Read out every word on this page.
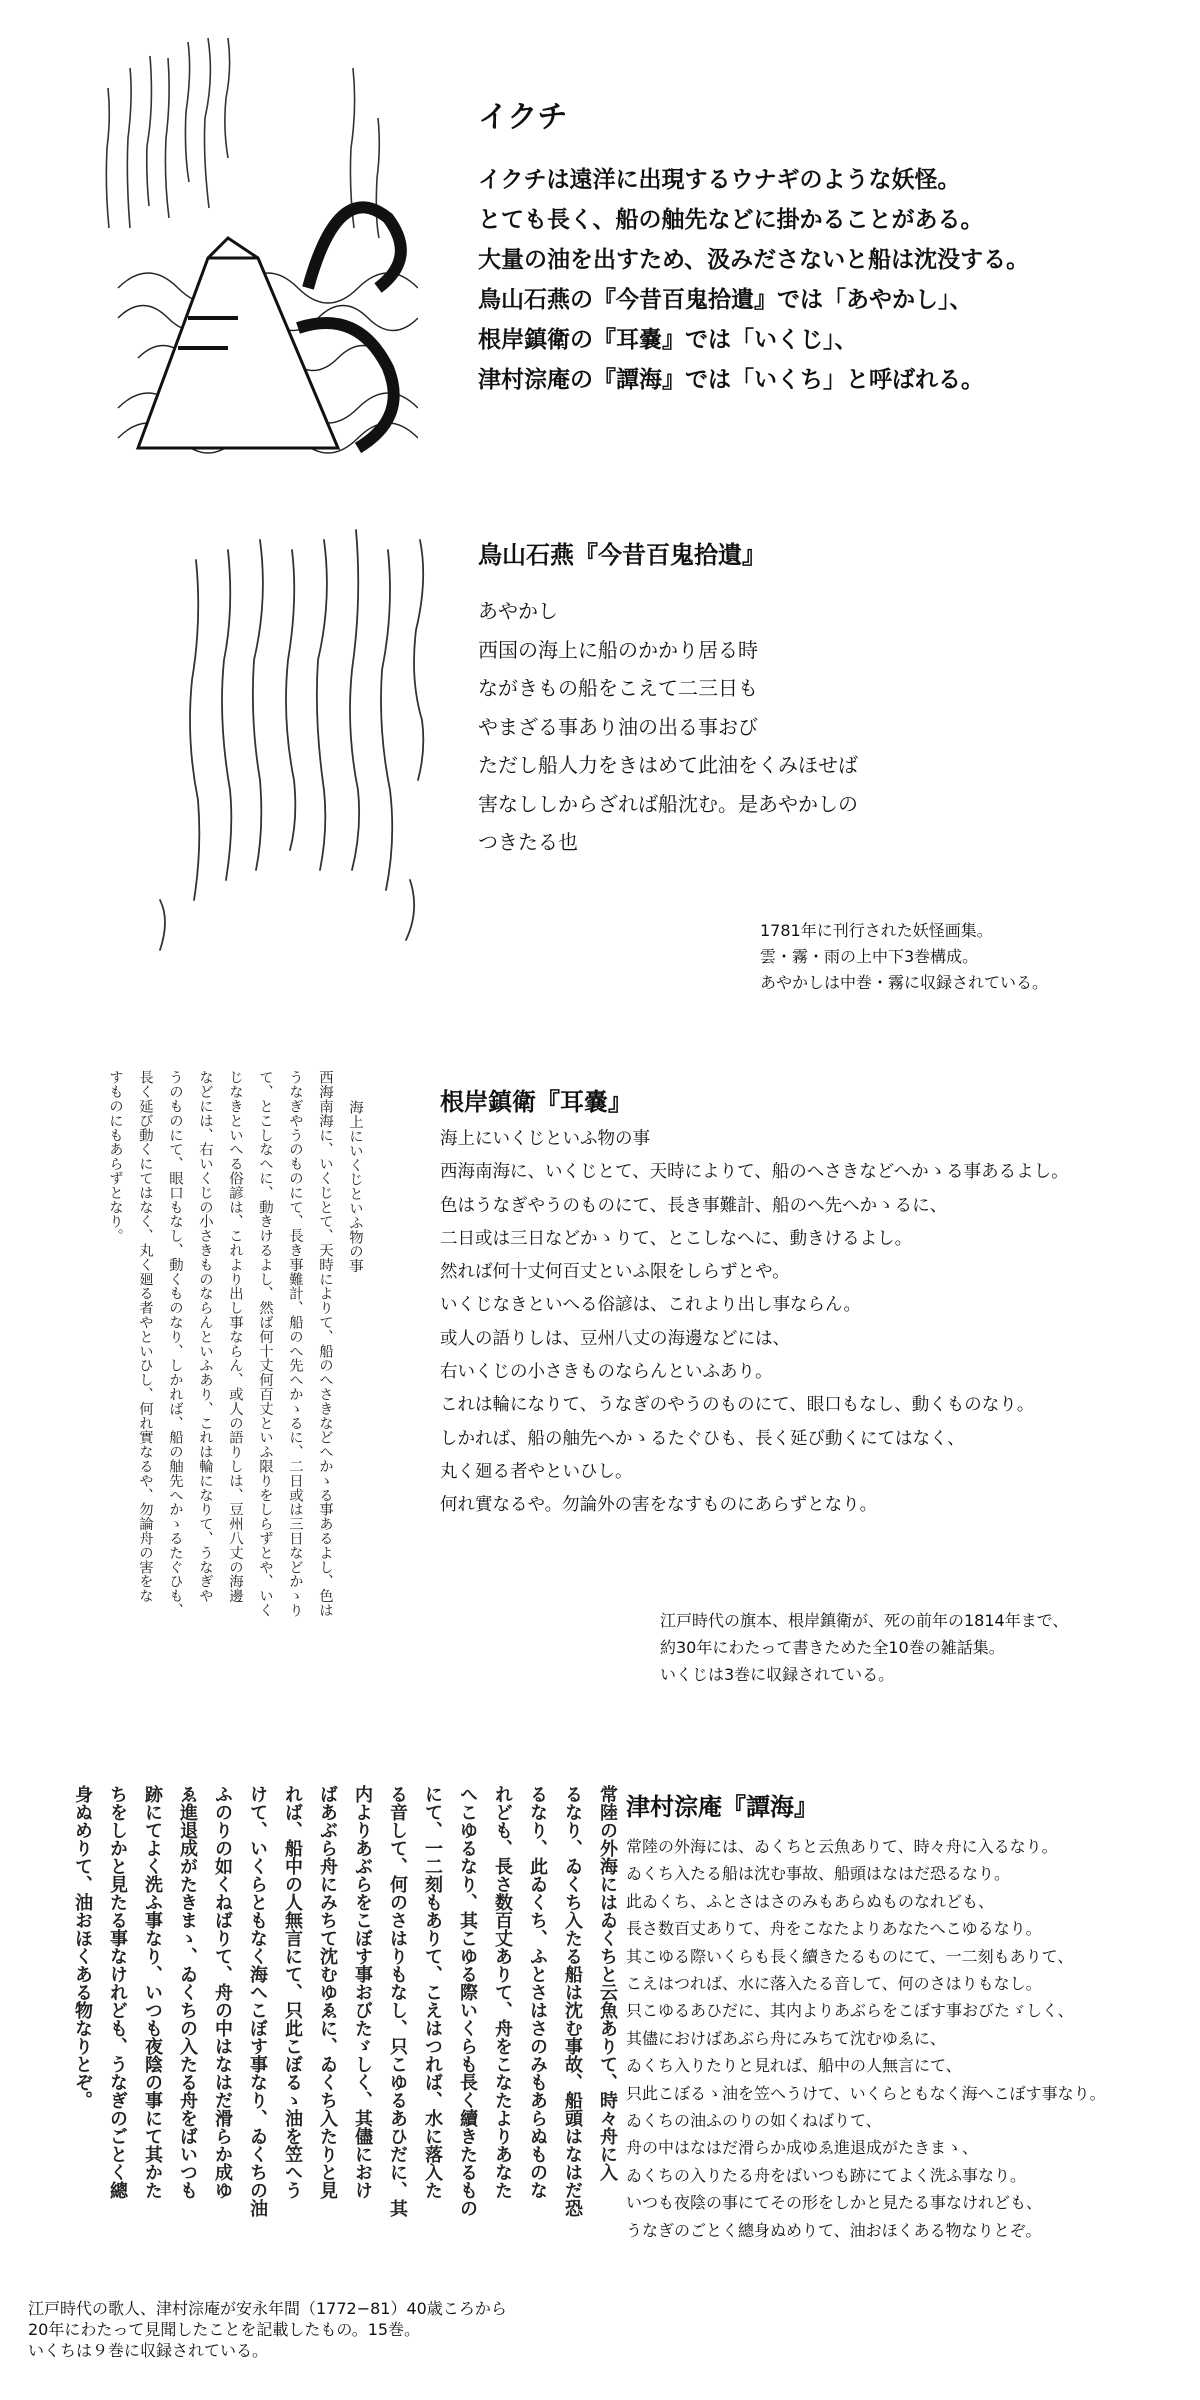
イクチ
イクチは遠洋に出現するウナギのような妖怪。
とても長く、船の舳先などに掛かることがある。
大量の油を出すため、汲みださないと船は沈没する。
鳥山石燕の『今昔百鬼拾遺』では「あやかし」、
根岸鎮衛の『耳嚢』では「いくじ」、
津村淙庵の『譚海』では「いくち」と呼ばれる。
鳥山石燕『今昔百鬼拾遺』
あやかし
西国の海上に船のかかり居る時
ながきもの船をこえて二三日も
やまざる事あり油の出る事おび
ただし船人力をきはめて此油をくみほせば
害なししからざれば船沈む。是あやかしの
つきたる也
1781年に刊行された妖怪画集。
雲・霧・雨の上中下3巻構成。
あやかしは中巻・霧に収録されている。
海上にいくじといふ物の事
西海南海に、いくじとて、天時によりて、船のへさきなどへかゝる事あるよし、色は
うなぎやうのものにて、長き事難計、船のへ先へかゝるに、二日或は三日などかゝり
て、とこしなへに、動きけるよし、然ば何十丈何百丈といふ限りをしらずとや、いく
じなきといへる俗諺は、これより出し事ならん、或人の語りしは、豆州八丈の海邊
などには、右いくじの小さきものならんといふあり、これは輪になりて、うなぎや
うのものにて、眼口もなし、動くものなり、しかれば、船の舳先へかゝるたぐひも、
長く延び動くにてはなく、丸く廻る者やといひし、何れ實なるや、勿論舟の害をな
すものにもあらずとなり。	根岸鎮衛『耳嚢』
海上にいくじといふ物の事
西海南海に、いくじとて、天時によりて、船のへさきなどへかゝる事あるよし。
色はうなぎやうのものにて、長き事難計、船のへ先へかゝるに、
二日或は三日などかゝりて、とこしなへに、動きけるよし。
然れば何十丈何百丈といふ限をしらずとや。
いくじなきといへる俗諺は、これより出し事ならん。
或人の語りしは、豆州八丈の海邊などには、
右いくじの小さきものならんといふあり。
これは輪になりて、うなぎのやうのものにて、眼口もなし、動くものなり。
しかれば、船の舳先へかゝるたぐひも、長く延び動くにてはなく、
丸く廻る者やといひし。
何れ實なるや。勿論外の害をなすものにあらずとなり。
江戸時代の旗本、根岸鎮衛が、死の前年の1814年まで、
約30年にわたって書きためた全10巻の雑話集。
いくじは3巻に収録されている。
常陸の外海にはゐくちと云魚ありて、時々舟に入
るなり、ゐくち入たる船は沈む事故、船頭はなはだ恐
るなり、此ゐくち、ふとさはさのみもあらぬものな
れども、長さ数百丈ありて、舟をこなたよりあなた
へこゆるなり、其こゆる際いくらも長く續きたるもの
にて、一二刻もありて、こえはつれば、水に落入た
る音して、何のさはりもなし、只こゆるあひだに、其
内よりあぶらをこぼす事おびたゞしく、其儘におけ
ばあぶら舟にみちて沈むゆゑに、ゐくち入たりと見
れば、船中の人無言にて、只此こぼるゝ油を笠へう
けて、いくらともなく海へこぼす事なり、ゐくちの油
ふのりの如くねばりて、舟の中はなはだ滑らか成ゆ
ゑ進退成がたきまゝ、ゐくちの入たる舟をばいつも
跡にてよく洗ふ事なり、いつも夜陰の事にて其かた
ちをしかと見たる事なけれども、うなぎのごとく總
身ぬめりて、油おほくある物なりとぞ。	津村淙庵『譚海』
常陸の外海には、ゐくちと云魚ありて、時々舟に入るなり。
ゐくち入たる船は沈む事故、船頭はなはだ恐るなり。
此ゐくち、ふとさはさのみもあらぬものなれども、
長さ数百丈ありて、舟をこなたよりあなたへこゆるなり。
其こゆる際いくらも長く續きたるものにて、一二刻もありて、
こえはつれば、水に落入たる音して、何のさはりもなし。
只こゆるあひだに、其内よりあぶらをこぼす事おびたゞしく、
其儘におけばあぶら舟にみちて沈むゆゑに、
ゐくち入りたりと見れば、船中の人無言にて、
只此こぼるゝ油を笠へうけて、いくらともなく海へこぼす事なり。
ゐくちの油ふのりの如くねばりて、
舟の中はなはだ滑らか成ゆゑ進退成がたきまゝ、
ゐくちの入りたる舟をばいつも跡にてよく洗ふ事なり。
いつも夜陰の事にてその形をしかと見たる事なけれども、
うなぎのごとく總身ぬめりて、油おほくある物なりとぞ。
江戸時代の歌人、津村淙庵が安永年間（1772−81）40歳ころから
20年にわたって見聞したことを記載したもの。15巻。
いくちは９巻に収録されている。
